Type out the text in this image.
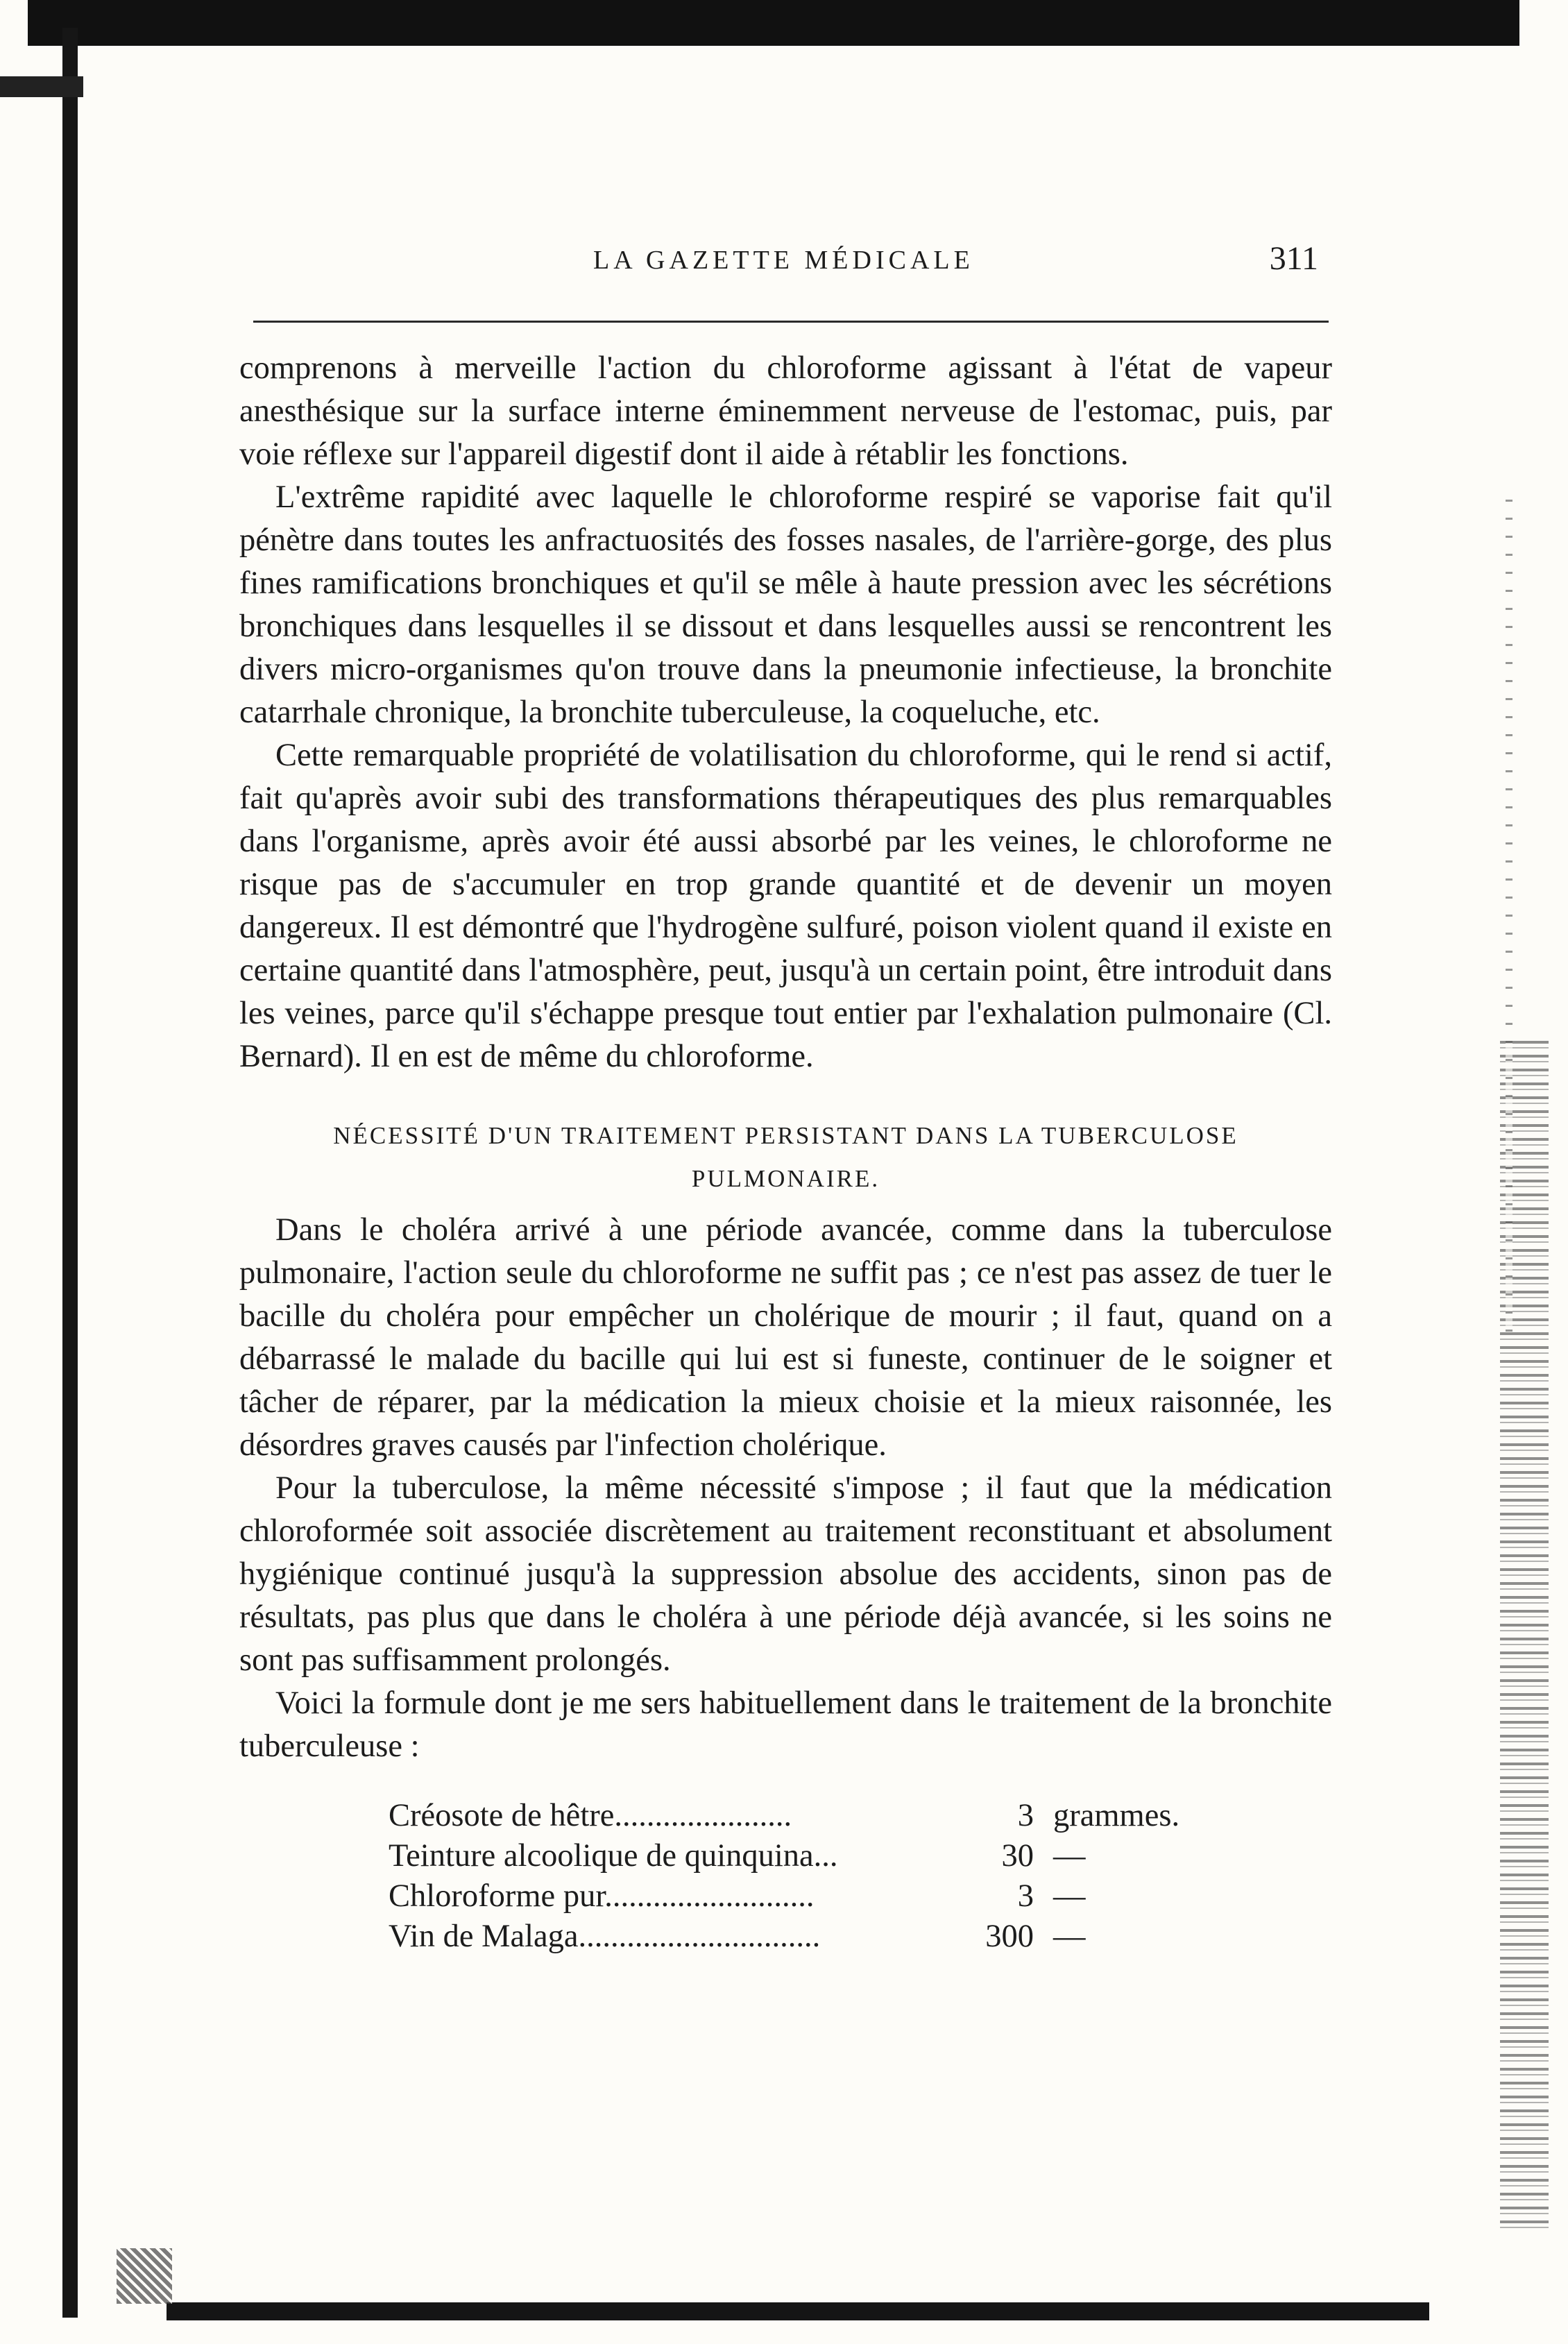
LA GAZETTE MÉDICALE	311

comprenons à merveille l'action du chloroforme agissant à l'état de vapeur anesthésique sur la surface interne éminemment nerveuse de l'estomac, puis, par voie réflexe sur l'appareil digestif dont il aide à rétablir les fonctions.

L'extrême rapidité avec laquelle le chloroforme respiré se vaporise fait qu'il pénètre dans toutes les anfractuosités des fosses nasales, de l'arrière-gorge, des plus fines ramifications bronchiques et qu'il se mêle à haute pression avec les sécrétions bronchiques dans lesquelles il se dissout et dans lesquelles aussi se rencontrent les divers micro-organismes qu'on trouve dans la pneumonie infectieuse, la bronchite catarrhale chronique, la bronchite tuberculeuse, la coqueluche, etc.

Cette remarquable propriété de volatilisation du chloroforme, qui le rend si actif, fait qu'après avoir subi des transformations thérapeutiques des plus remarquables dans l'organisme, après avoir été aussi absorbé par les veines, le chloroforme ne risque pas de s'accumuler en trop grande quantité et de devenir un moyen dangereux. Il est démontré que l'hydrogène sulfuré, poison violent quand il existe en certaine quantité dans l'atmosphère, peut, jusqu'à un certain point, être introduit dans les veines, parce qu'il s'échappe presque tout entier par l'exhalation pulmonaire (Cl. Bernard). Il en est de même du chloroforme.

NÉCESSITÉ D'UN TRAITEMENT PERSISTANT DANS LA TUBERCULOSE
PULMONAIRE.

Dans le choléra arrivé à une période avancée, comme dans la tuberculose pulmonaire, l'action seule du chloroforme ne suffit pas ; ce n'est pas assez de tuer le bacille du choléra pour empêcher un cholérique de mourir ; il faut, quand on a débarrassé le malade du bacille qui lui est si funeste, continuer de le soigner et tâcher de réparer, par la médication la mieux choisie et la mieux raisonnée, les désordres graves causés par l'infection cholérique.

Pour la tuberculose, la même nécessité s'impose ; il faut que la médication chloroformée soit associée discrètement au traitement reconstituant et absolument hygiénique continué jusqu'à la suppression absolue des accidents, sinon pas de résultats, pas plus que dans le choléra à une période déjà avancée, si les soins ne sont pas suffisamment prolongés.

Voici la formule dont je me sers habituellement dans le traitement de la bronchite tuberculeuse :

Créosote de hêtre......................	3 grammes.
Teinture alcoolique de quinquina...	30 —
Chloroforme pur..........................	3 —
Vin de Malaga..............................	300 —
